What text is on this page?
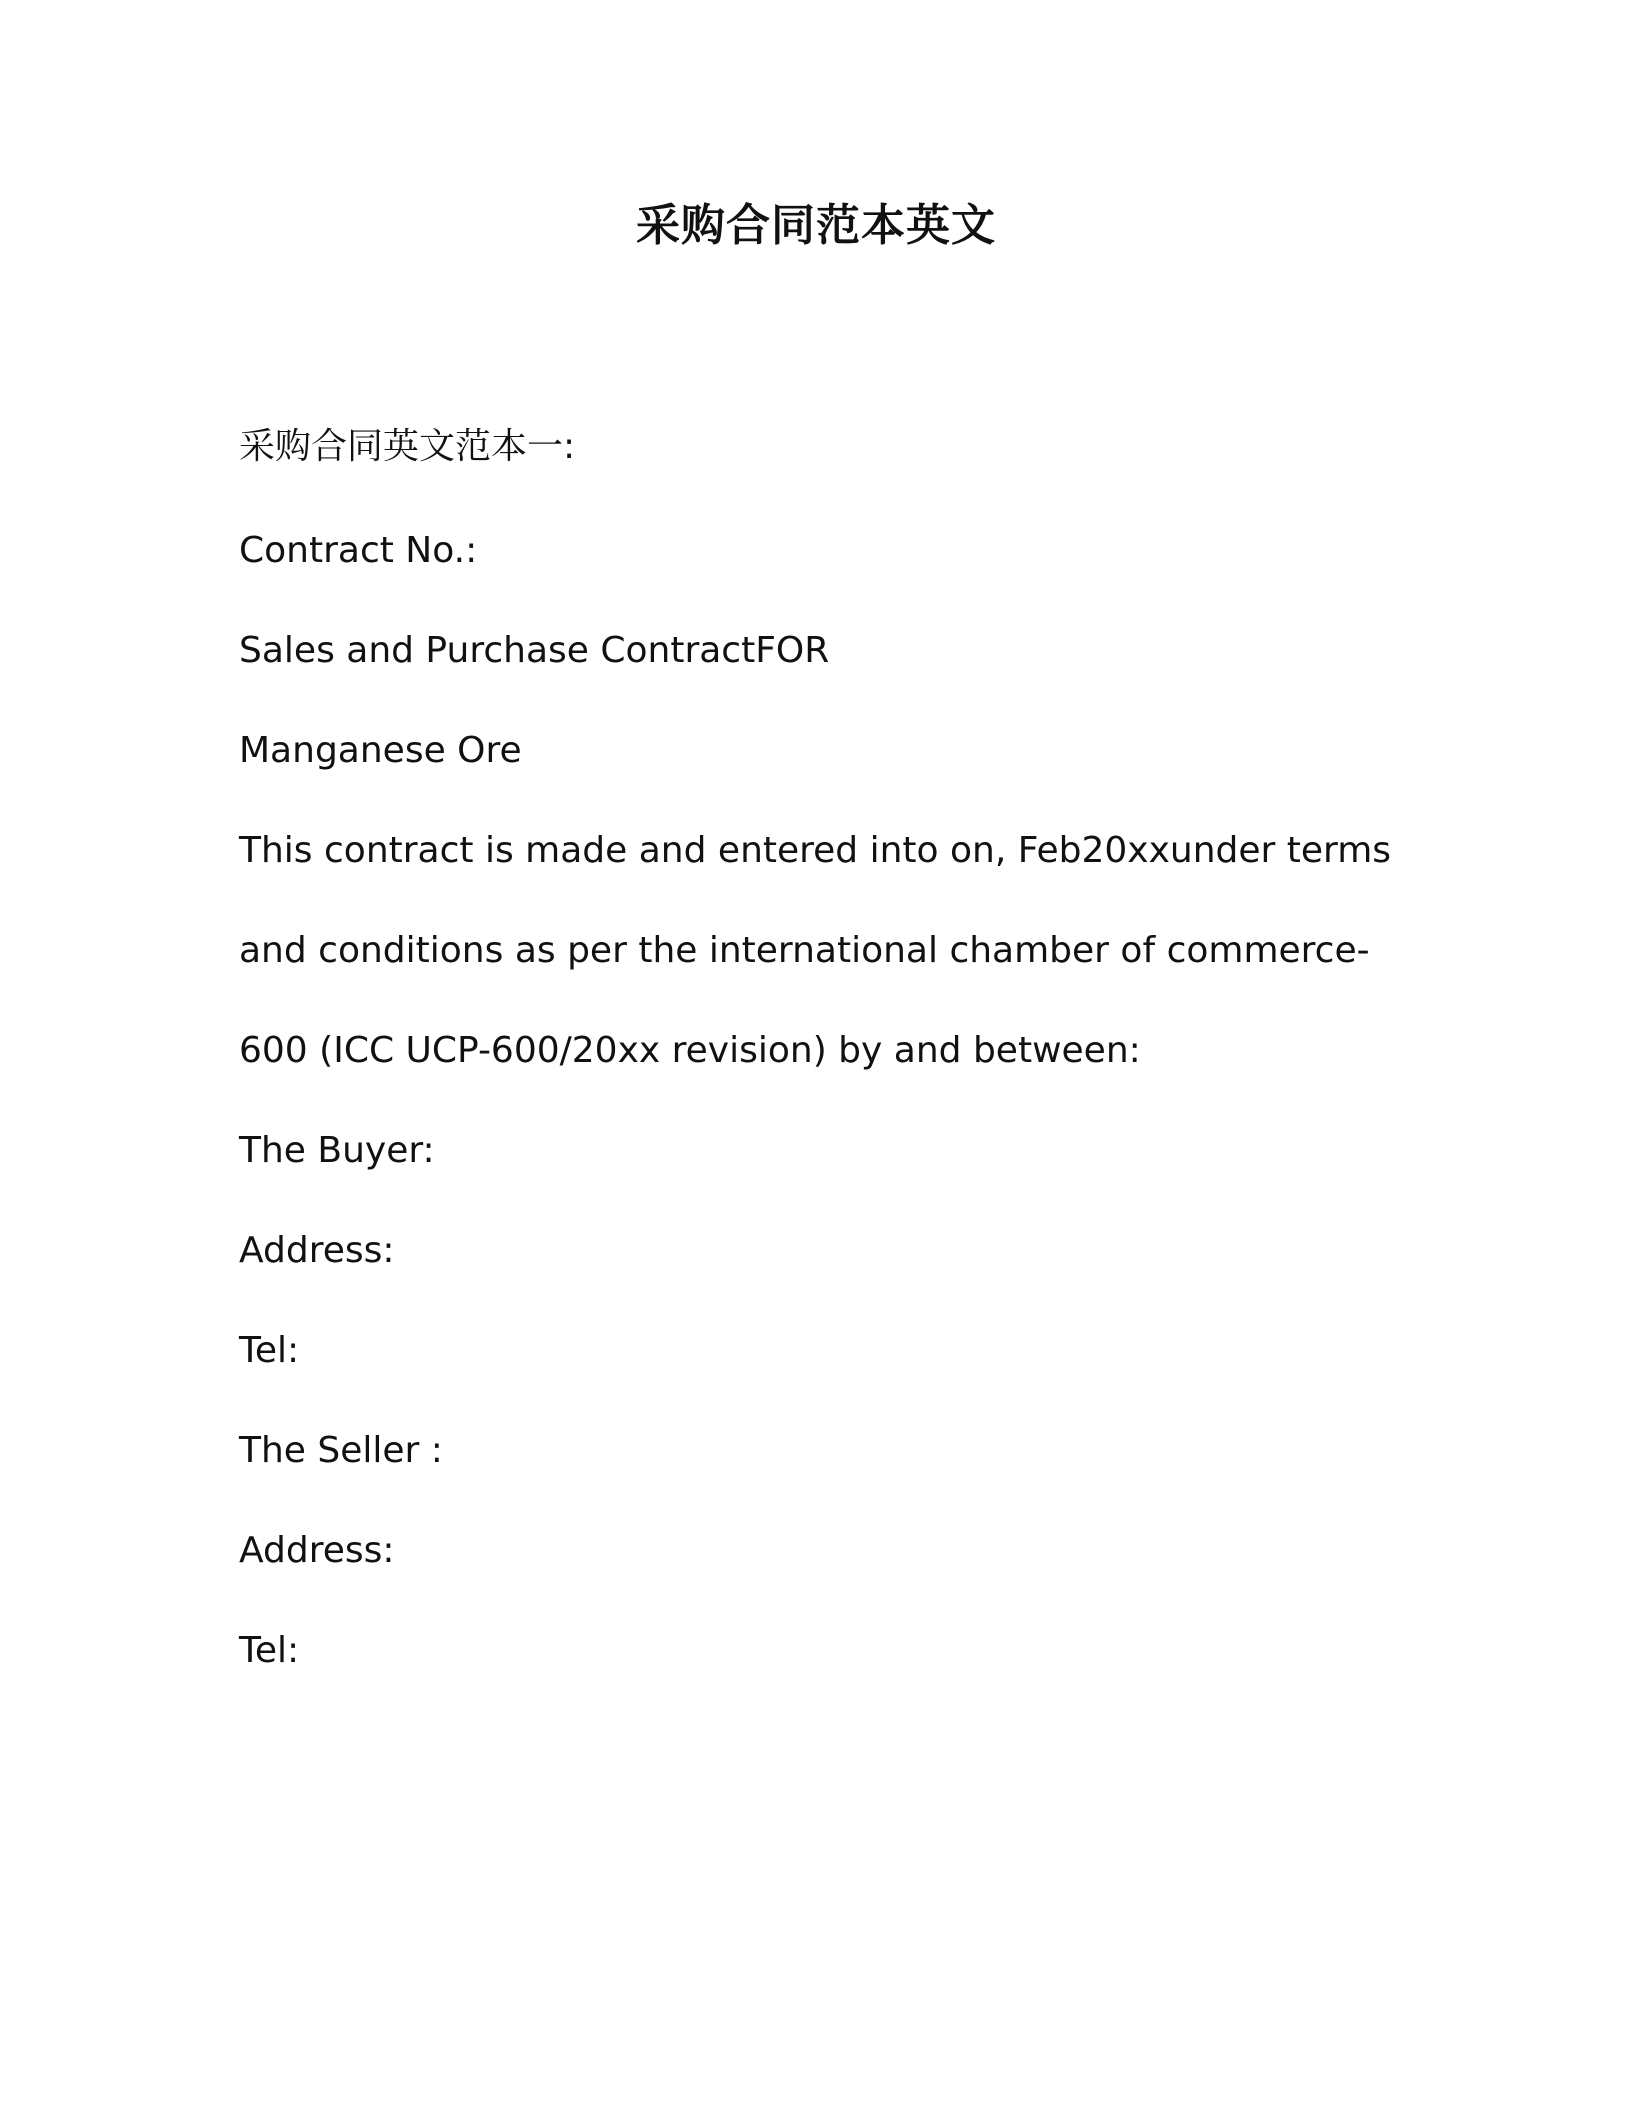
采购合同范本英文
采购合同英文范本一:
Contract No.:
Sales and Purchase ContractFOR
Manganese Ore
This contract is made and entered into on, Feb20xxunder terms
and conditions as per the international chamber of commerce-
600 (ICC UCP-600/20xx revision) by and between:
The Buyer:
Address:
Tel:
The Seller :
Address:
Tel:
